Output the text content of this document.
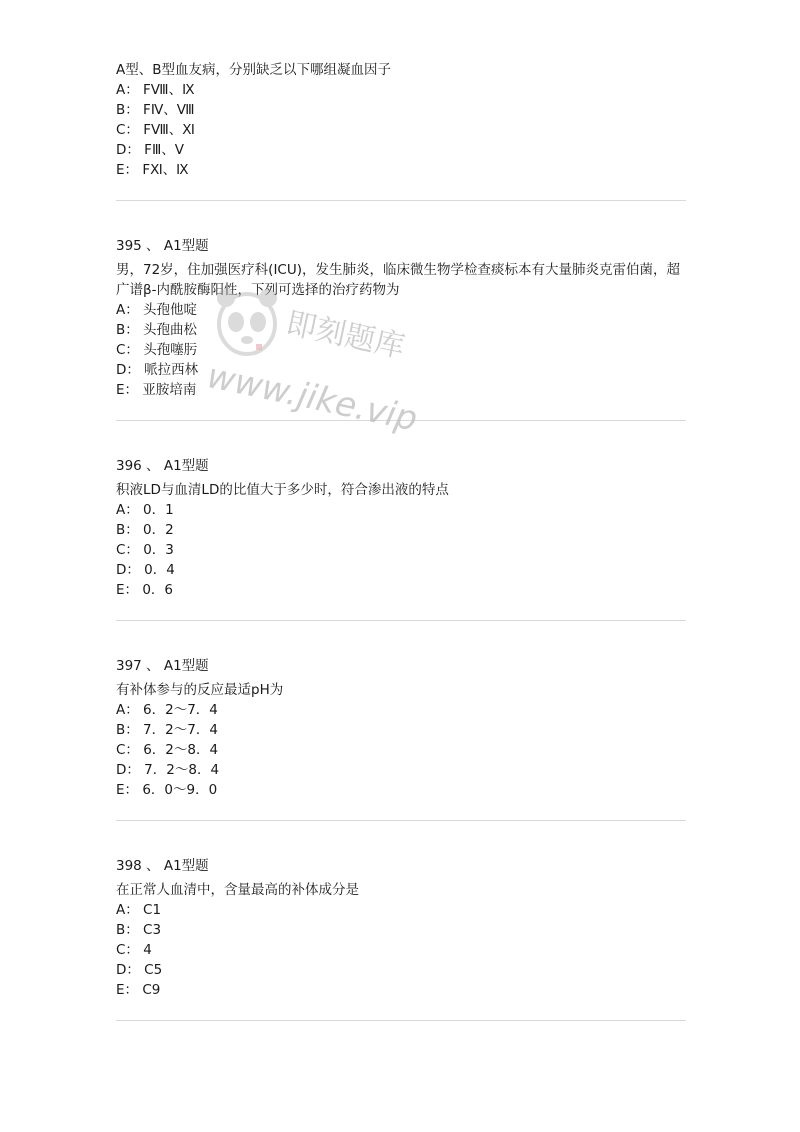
A型、B型血友病，分别缺乏以下哪组凝血因子
A： FⅧ、Ⅸ
B： FⅣ、Ⅷ
C： FⅧ、Ⅺ
D： FⅢ、Ⅴ
E： FⅪ、Ⅸ
395 、 A1型题
男，72岁，住加强医疗科(ICU)，发生肺炎，临床微生物学检查痰标本有大量肺炎克雷伯菌，超广谱β-内酰胺酶阳性，下列可选择的治疗药物为
A： 头孢他啶
B： 头孢曲松
C： 头孢噻肟
D： 哌拉西林
E： 亚胺培南
396 、 A1型题
积液LD与血清LD的比值大于多少时，符合渗出液的特点
A： 0．1
B： 0．2
C： 0．3
D： 0．4
E： 0．6
397 、 A1型题
有补体参与的反应最适pH为
A： 6．2～7．4
B： 7．2～7．4
C： 6．2～8．4
D： 7．2～8．4
E： 6．0～9．0
398 、 A1型题
在正常人血清中，含量最高的补体成分是
A： C1
B： C3
C： 4
D： C5
E： C9
即刻题库
www.jike.vip
